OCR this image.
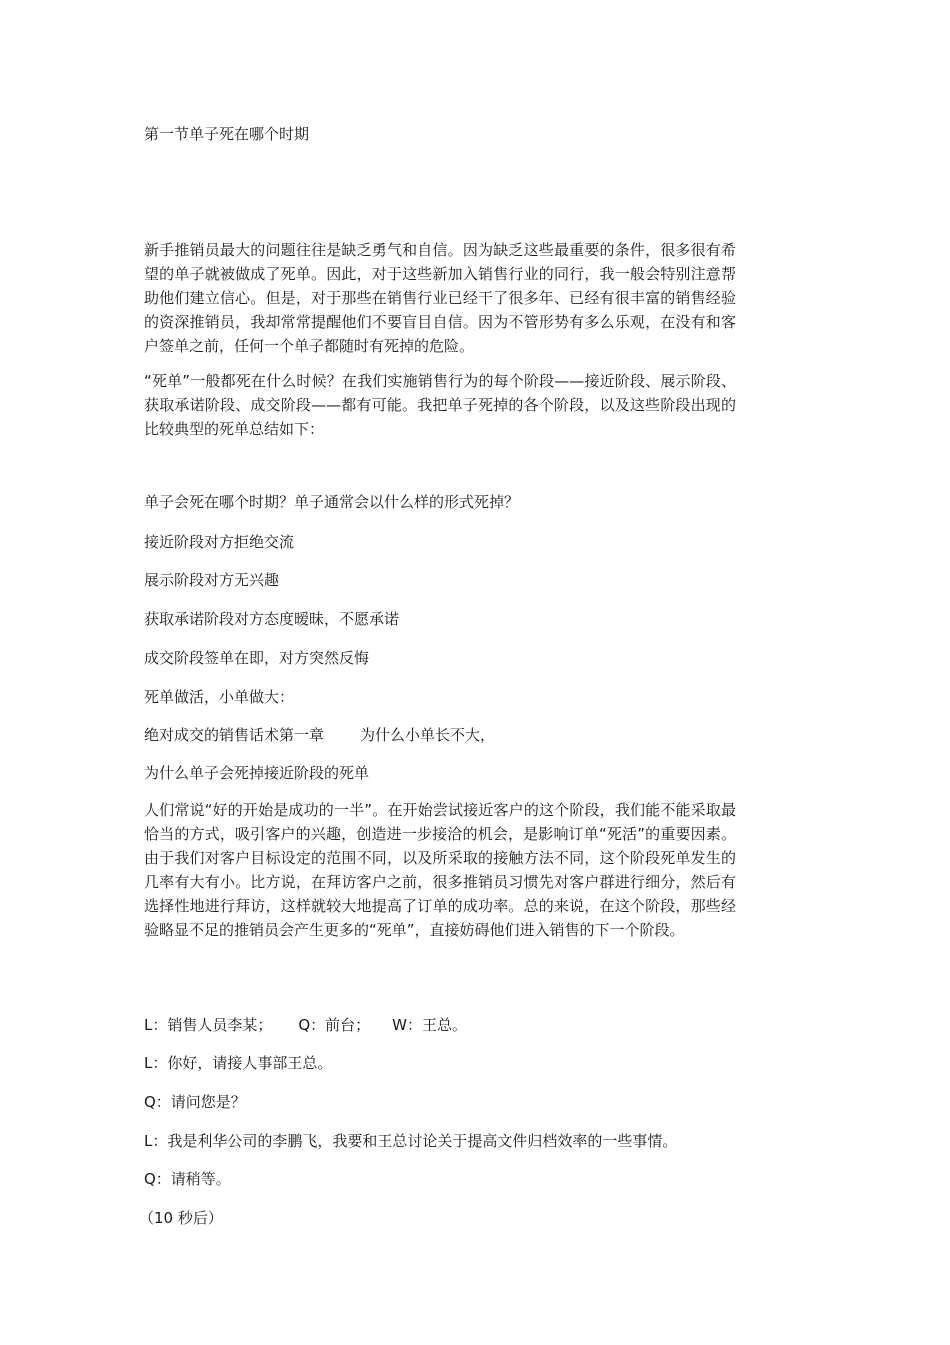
第一节单子死在哪个时期

新手推销员最大的问题往往是缺乏勇气和自信。因为缺乏这些最重要的条件，很多很有希望的单子就被做成了死单。因此，对于这些新加入销售行业的同行，我一般会特别注意帮助他们建立信心。但是，对于那些在销售行业已经干了很多年、已经有很丰富的销售经验的资深推销员，我却常常提醒他们不要盲目自信。因为不管形势有多么乐观，在没有和客户签单之前，任何一个单子都随时有死掉的危险。

“死单”一般都死在什么时候？在我们实施销售行为的每个阶段——接近阶段、展示阶段、获取承诺阶段、成交阶段——都有可能。我把单子死掉的各个阶段，以及这些阶段出现的比较典型的死单总结如下：

单子会死在哪个时期？单子通常会以什么样的形式死掉？

接近阶段对方拒绝交流

展示阶段对方无兴趣

获取承诺阶段对方态度暧昧，不愿承诺

成交阶段签单在即，对方突然反悔

死单做活，小单做大：

绝对成交的销售话术第一章 为什么小单长不大，

为什么单子会死掉接近阶段的死单

人们常说“好的开始是成功的一半”。在开始尝试接近客户的这个阶段，我们能不能采取最恰当的方式，吸引客户的兴趣，创造进一步接洽的机会，是影响订单“死活”的重要因素。由于我们对客户目标设定的范围不同，以及所采取的接触方法不同，这个阶段死单发生的几率有大有小。比方说，在拜访客户之前，很多推销员习惯先对客户群进行细分，然后有选择性地进行拜访，这样就较大地提高了订单的成功率。总的来说，在这个阶段，那些经验略显不足的推销员会产生更多的“死单”，直接妨碍他们进入销售的下一个阶段。

L：销售人员李某； Q：前台； W：王总。

L：你好，请接人事部王总。

Q：请问您是？

L：我是利华公司的李鹏飞，我要和王总讨论关于提高文件归档效率的一些事情。

Q：请稍等。

（10 秒后）
